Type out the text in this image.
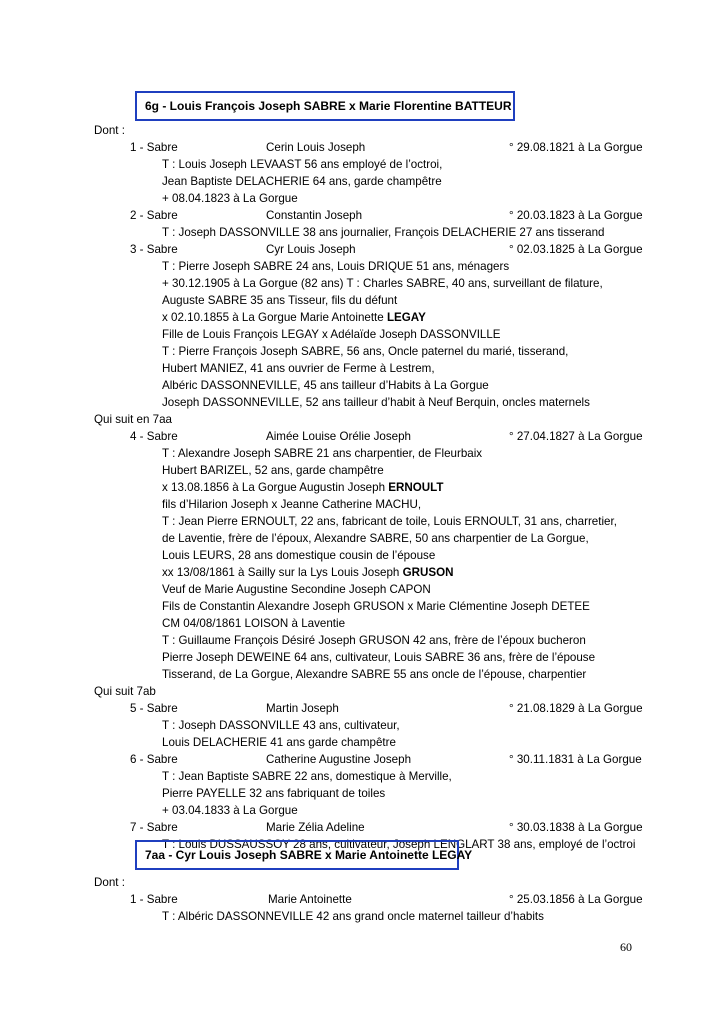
6g - Louis François Joseph SABRE x Marie Florentine BATTEUR
Dont :
1 - Sabre	Cerin Louis Joseph	° 29.08.1821 à La Gorgue
T : Louis Joseph LEVAAST 56 ans employé de l’octroi,
Jean Baptiste DELACHERIE 64 ans, garde champêtre
+ 08.04.1823 à La Gorgue
2 - Sabre	Constantin Joseph	° 20.03.1823 à La Gorgue
T : Joseph DASSONVILLE 38 ans journalier, François DELACHERIE 27 ans tisserand
3 - Sabre	Cyr Louis Joseph	° 02.03.1825 à La Gorgue
T : Pierre Joseph SABRE 24 ans, Louis DRIQUE 51 ans, ménagers
+ 30.12.1905 à La Gorgue (82 ans) T : Charles SABRE, 40 ans, surveillant de filature,
Auguste SABRE 35 ans Tisseur, fils du défunt
x 02.10.1855 à La Gorgue Marie Antoinette LEGAY
Fille de Louis François LEGAY x Adélaïde Joseph DASSONVILLE
T : Pierre François Joseph SABRE, 56 ans, Oncle paternel du marié, tisserand,
Hubert MANIEZ, 41 ans ouvrier de Ferme à Lestrem,
Albéric DASSONNEVILLE, 45 ans tailleur d’Habits à La Gorgue
Joseph DASSONNEVILLE, 52 ans tailleur d’habit à Neuf Berquin, oncles maternels
Qui suit en 7aa
4 - Sabre	Aimée Louise Orélie Joseph	° 27.04.1827 à La Gorgue
T : Alexandre Joseph SABRE 21 ans charpentier, de Fleurbaix
Hubert BARIZEL, 52 ans, garde champêtre
x 13.08.1856 à La Gorgue Augustin Joseph ERNOULT
fils d’Hilarion Joseph x Jeanne Catherine MACHU,
T : Jean Pierre ERNOULT, 22 ans, fabricant de toile, Louis ERNOULT, 31 ans, charretier,
de Laventie, frère de l’époux, Alexandre SABRE, 50 ans charpentier de La Gorgue,
Louis LEURS, 28 ans domestique cousin de l’épouse
xx 13/08/1861 à Sailly sur la Lys Louis Joseph GRUSON
Veuf de Marie Augustine Secondine Joseph CAPON
Fils de Constantin Alexandre Joseph GRUSON x Marie Clémentine Joseph DETEE
CM 04/08/1861 LOISON à Laventie
T : Guillaume François Désiré Joseph GRUSON 42 ans, frère de l’époux bucheron
Pierre Joseph DEWEINE 64 ans, cultivateur, Louis SABRE 36 ans, frère de l’épouse
Tisserand, de La Gorgue, Alexandre SABRE 55 ans oncle de l’épouse, charpentier
Qui suit 7ab
5 - Sabre	Martin Joseph	° 21.08.1829 à La Gorgue
T : Joseph DASSONVILLE 43 ans, cultivateur,
Louis DELACHERIE 41 ans garde champêtre
6 - Sabre	Catherine Augustine Joseph	° 30.11.1831 à La Gorgue
T : Jean Baptiste SABRE 22 ans, domestique à Merville,
Pierre PAYELLE 32 ans fabriquant de toiles
+ 03.04.1833 à La Gorgue
7 - Sabre	Marie Zélia Adeline	° 30.03.1838 à La Gorgue
T : Louis DUSSAUSSOY 28 ans, cultivateur, Joseph LENGLART 38 ans, employé de l’octroi
7aa - Cyr Louis Joseph SABRE x Marie Antoinette LEGAY
Dont :
1 - Sabre	Marie Antoinette	° 25.03.1856 à La Gorgue
T : Albéric DASSONNEVILLE 42 ans grand oncle maternel tailleur d’habits
60
